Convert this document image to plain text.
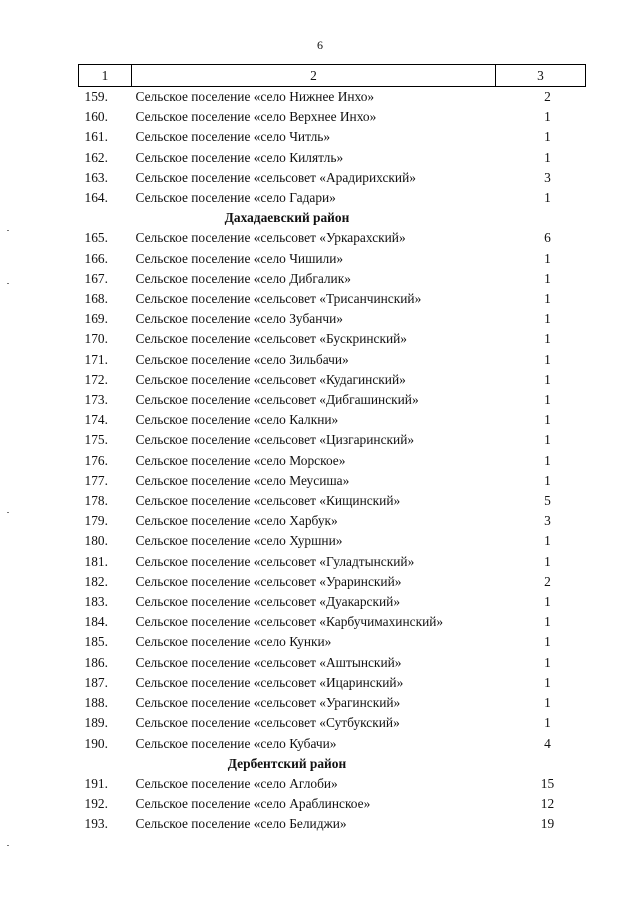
6
1	2	3
159.	Сельское поселение «село Нижнее Инхо»	2
160.	Сельское поселение «село Верхнее Инхо»	1
161.	Сельское поселение «село Читль»	1
162.	Сельское поселение «село Килятль»	1
163.	Сельское поселение «сельсовет «Арадирихский»	3
164.	Сельское поселение «село Гадари»	1
Дахадаевский район		
165.	Сельское поселение «сельсовет «Уркарахский»	6
166.	Сельское поселение «село Чишили»	1
167.	Сельское поселение «село Дибгалик»	1
168.	Сельское поселение «сельсовет «Трисанчинский»	1
169.	Сельское поселение «село Зубанчи»	1
170.	Сельское поселение «сельсовет «Бускринский»	1
171.	Сельское поселение «село Зильбачи»	1
172.	Сельское поселение «сельсовет «Кудагинский»	1
173.	Сельское поселение «сельсовет «Дибгашинский»	1
174.	Сельское поселение «село Калкни»	1
175.	Сельское поселение «сельсовет «Цизгаринский»	1
176.	Сельское поселение «село Морское»	1
177.	Сельское поселение «село Меусиша»	1
178.	Сельское поселение «сельсовет «Кищинский»	5
179.	Сельское поселение «село Харбук»	3
180.	Сельское поселение «село Хуршни»	1
181.	Сельское поселение «сельсовет «Гуладтынский»	1
182.	Сельское поселение «сельсовет «Ураринский»	2
183.	Сельское поселение «сельсовет «Дуакарский»	1
184.	Сельское поселение «сельсовет «Карбучимахинский»	1
185.	Сельское поселение «село Кунки»	1
186.	Сельское поселение «сельсовет «Аштынский»	1
187.	Сельское поселение «сельсовет «Ицаринский»	1
188.	Сельское поселение «сельсовет «Урагинский»	1
189.	Сельское поселение «сельсовет «Сутбукский»	1
190.	Сельское поселение «село Кубачи»	4
Дербентский район		
191.	Сельское поселение «село Аглоби»	15
192.	Сельское поселение «село Араблинское»	12
193.	Сельское поселение «село Белиджи»	19
